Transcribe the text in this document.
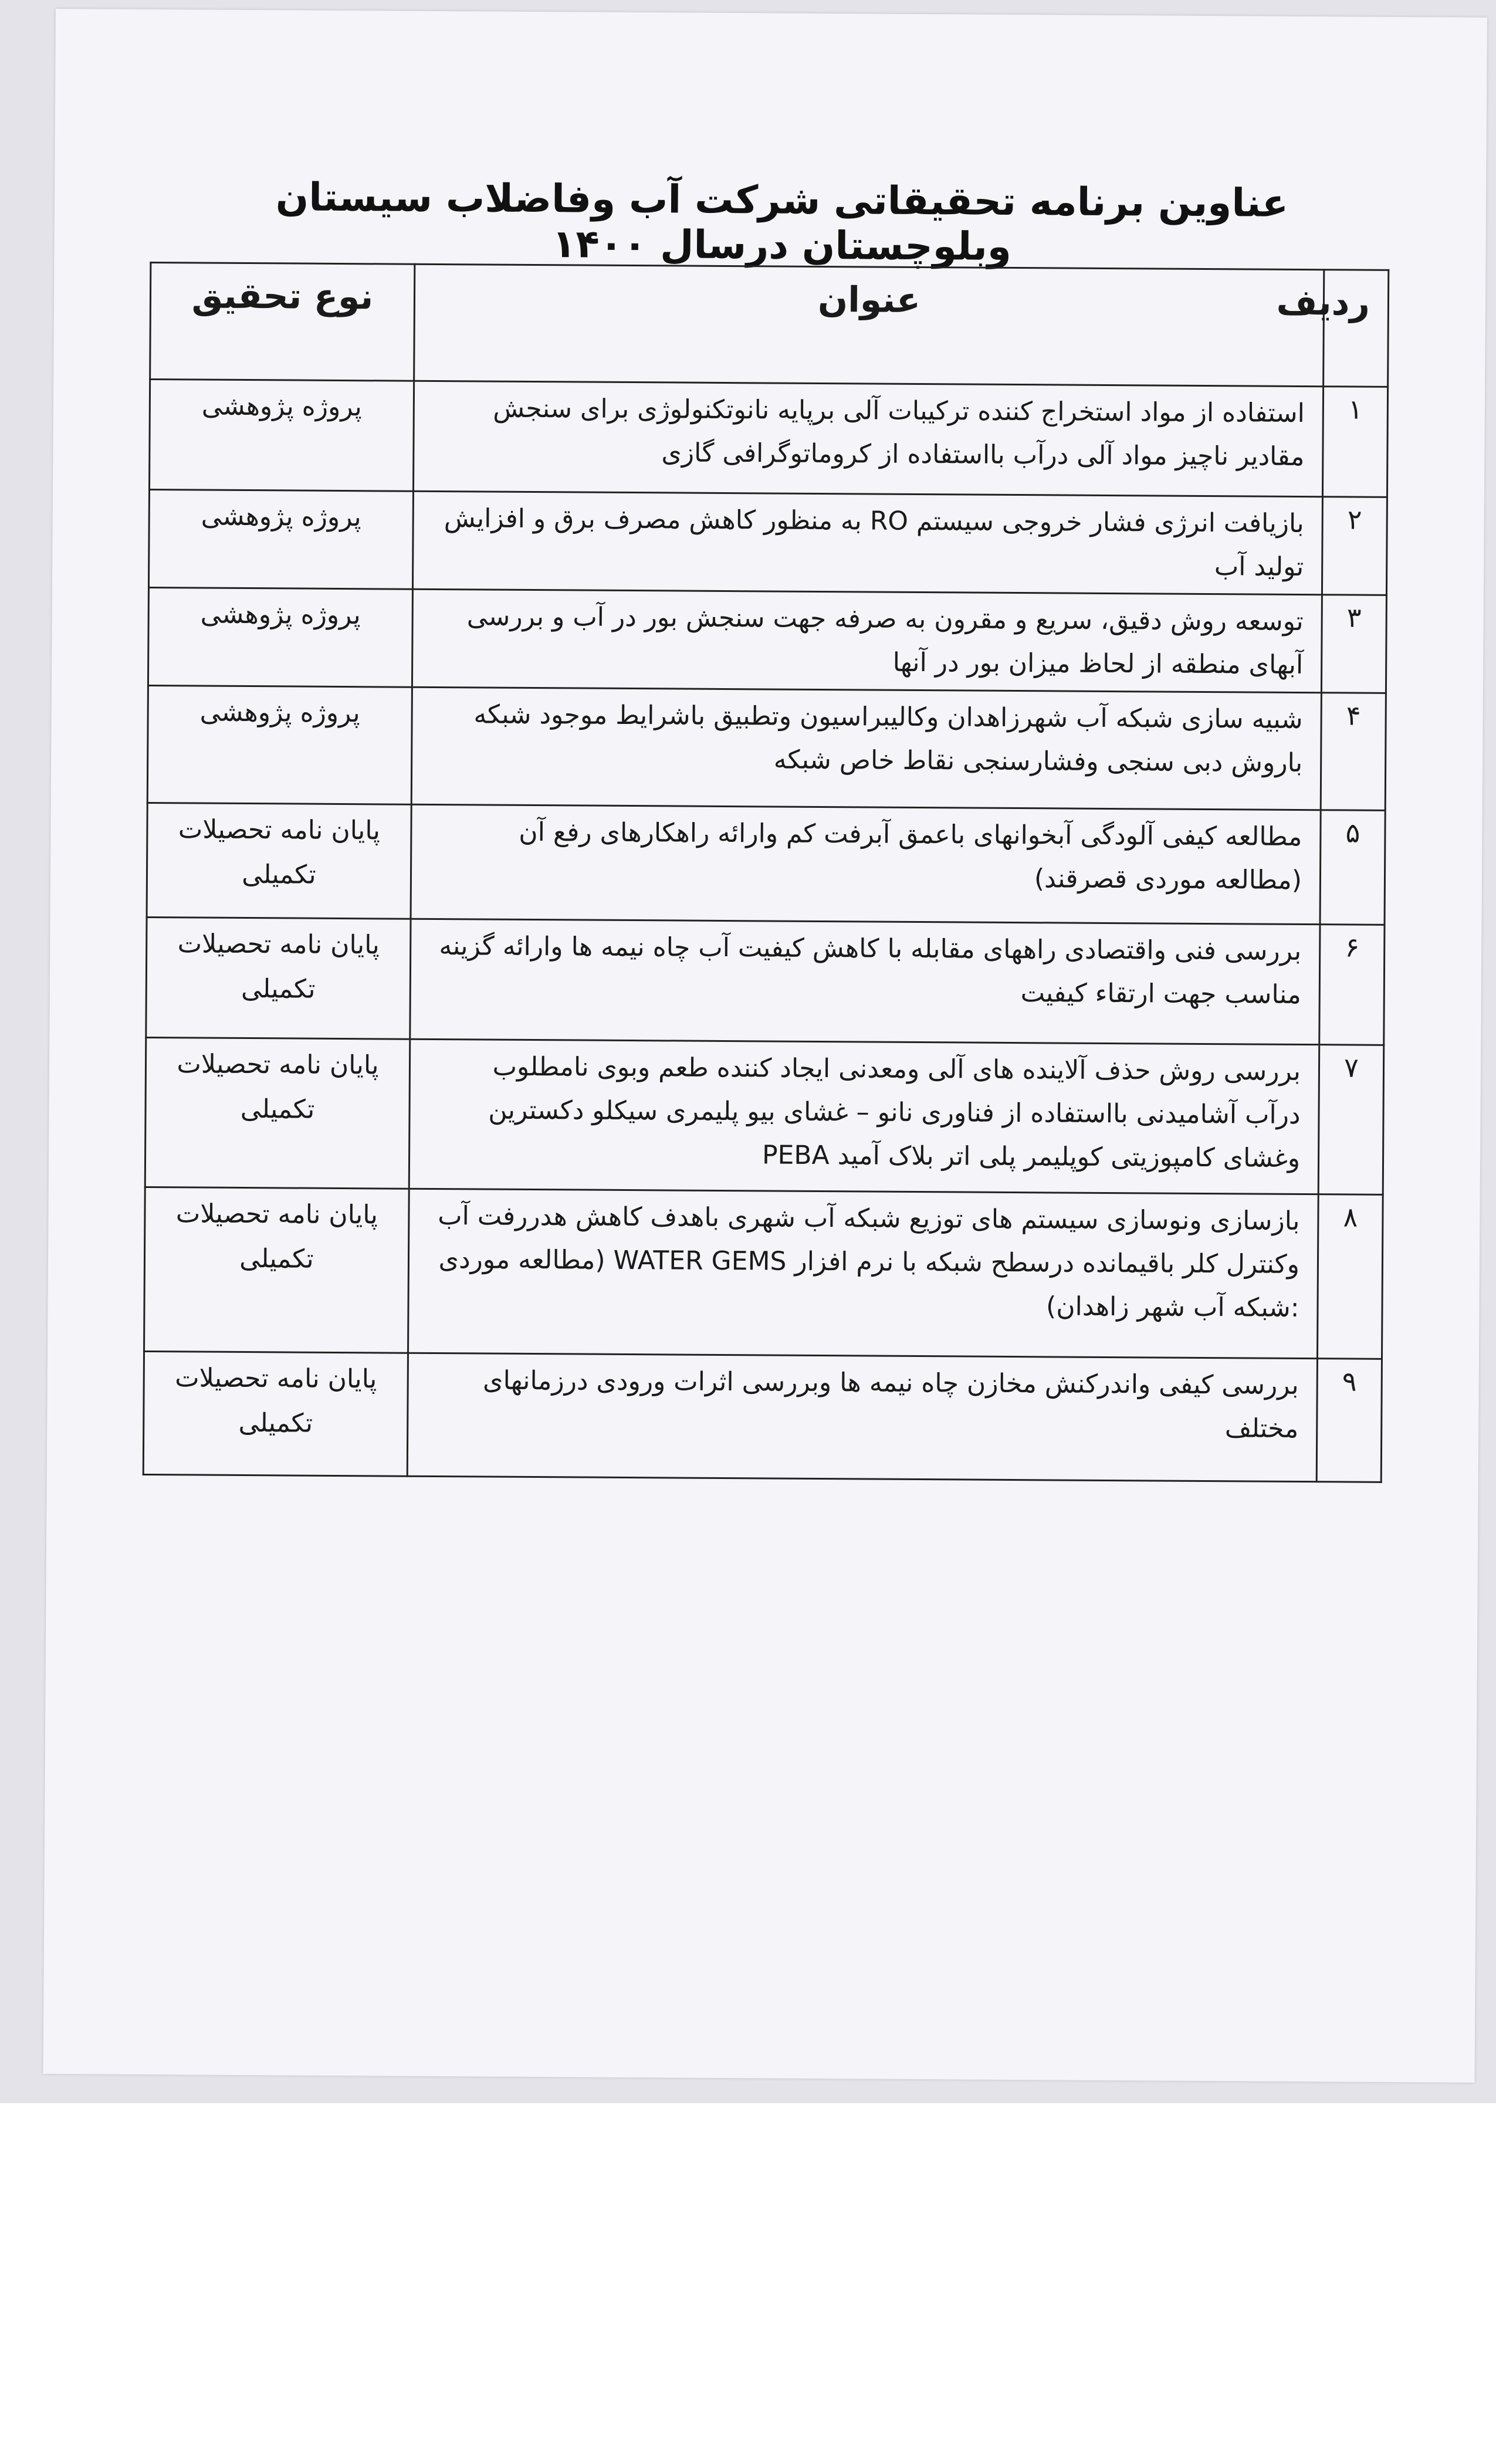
عناوین برنامه تحقیقاتی شرکت آب وفاضلاب سیستان وبلوچستان درسال ۱۴۰۰
ردیف	عنوان	نوع تحقیق
۱	استفاده از مواد استخراج کننده ترکیبات آلی برپایه نانوتکنولوژی برای سنجش مقادیر ناچیز مواد آلی درآب بااستفاده از کروماتوگرافی گازی	پروژه پژوهشی
۲	بازیافت انرژی فشار خروجی سیستم RO به منظور کاهش مصرف برق و افزایش تولید آب	پروژه پژوهشی
۳	توسعه روش دقیق، سریع و مقرون به صرفه جهت سنجش بور در آب و بررسی آبهای منطقه از لحاظ میزان بور در آنها	پروژه پژوهشی
۴	شبیه سازی شبکه آب شهرزاهدان وکالیبراسیون وتطبیق باشرایط موجود شبکه باروش دبی سنجی وفشارسنجی نقاط خاص شبکه	پروژه پژوهشی
۵	مطالعه کیفی آلودگی آبخوانهای باعمق آبرفت کم وارائه راهکارهای رفع آن (مطالعه موردی قصرقند)	پایان نامه تحصیلات تکمیلی
۶	بررسی فنی واقتصادی راههای مقابله با کاهش کیفیت آب چاه نیمه ها وارائه گزینه مناسب جهت ارتقاء کیفیت	پایان نامه تحصیلات تکمیلی
۷	بررسی روش حذف آلاینده های آلی ومعدنی ایجاد کننده طعم وبوی نامطلوب درآب آشامیدنی بااستفاده از فناوری نانو – غشای بیو پلیمری سیکلو دکسترین وغشای کامپوزیتی کوپلیمر پلی اتر بلاک آمید PEBA	پایان نامه تحصیلات تکمیلی
۸	بازسازی ونوسازی سیستم های توزیع شبکه آب شهری باهدف کاهش هدررفت آب وکنترل کلر باقیمانده درسطح شبکه با نرم افزار WATER GEMS (مطالعه موردی :شبکه آب شهر زاهدان)	پایان نامه تحصیلات تکمیلی
۹	بررسی کیفی واندرکنش مخازن چاه نیمه ها وبررسی اثرات ورودی درزمانهای مختلف	پایان نامه تحصیلات تکمیلی
